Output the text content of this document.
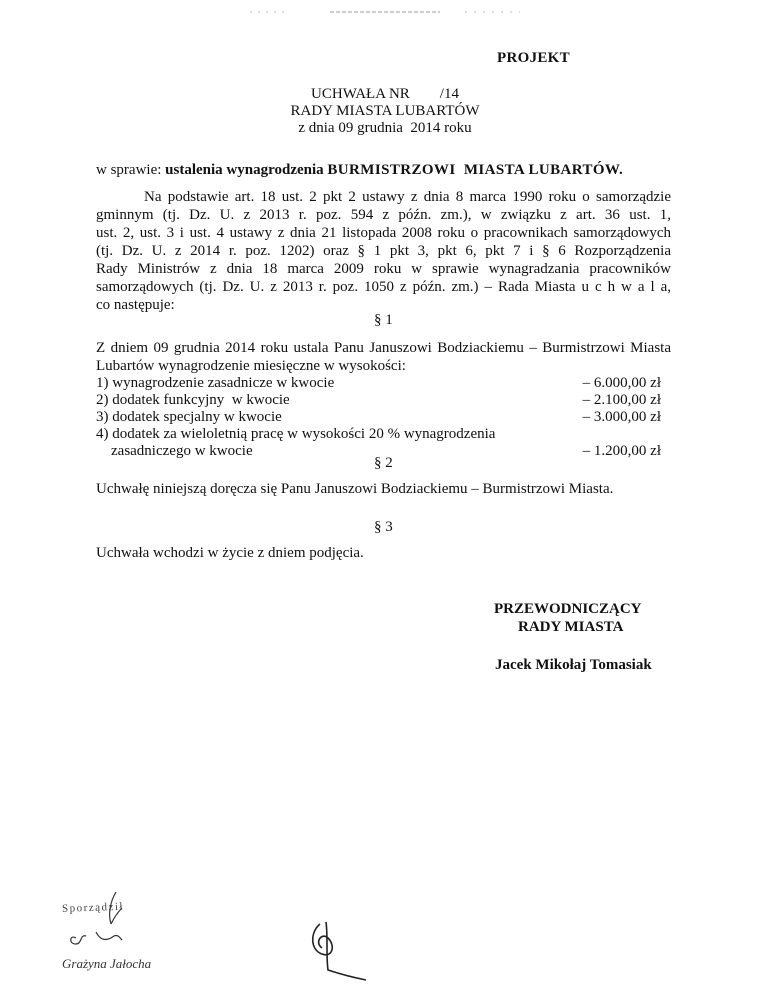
PROJEKT
UCHWAŁA NR        /14
RADY MIASTA LUBARTÓW
z dnia 09 grudnia  2014 roku
w sprawie: ustalenia wynagrodzenia BURMISTRZOWI  MIASTA LUBARTÓW.
Na podstawie art. 18 ust. 2 pkt 2 ustawy z dnia 8 marca 1990 roku o samorządzie
gminnym (tj. Dz. U. z 2013 r. poz. 594 z późn. zm.), w związku z art. 36 ust. 1,
ust. 2, ust. 3 i ust. 4 ustawy z dnia 21 listopada 2008 roku o pracownikach samorządowych
(tj. Dz. U. z 2014 r. poz. 1202) oraz § 1 pkt 3, pkt 6, pkt 7 i § 6 Rozporządzenia
Rady Ministrów z dnia 18 marca 2009 roku w sprawie wynagradzania pracowników
samorządowych (tj. Dz. U. z 2013 r. poz. 1050 z późn. zm.) – Rada Miasta u c h w a l a,
co następuje:
§ 1
Z dniem 09 grudnia 2014 roku ustala Panu Januszowi Bodziackiemu – Burmistrzowi Miasta
Lubartów wynagrodzenie miesięczne w wysokości:
1) wynagrodzenie zasadnicze w kwocie	– 6.000,00 zł
2) dodatek funkcyjny  w kwocie	– 2.100,00 zł
3) dodatek specjalny w kwocie	– 3.000,00 zł
4) dodatek za wieloletnią pracę w wysokości 20 % wynagrodzenia
zasadniczego w kwocie	– 1.200,00 zł
§ 2
Uchwałę niniejszą doręcza się Panu Januszowi Bodziackiemu – Burmistrzowi Miasta.
§ 3
Uchwała wchodzi w życie z dniem podjęcia.
PRZEWODNICZĄCY
RADY MIASTA
Jacek Mikołaj Tomasiak
Sporządził
Grażyna Jałocha
